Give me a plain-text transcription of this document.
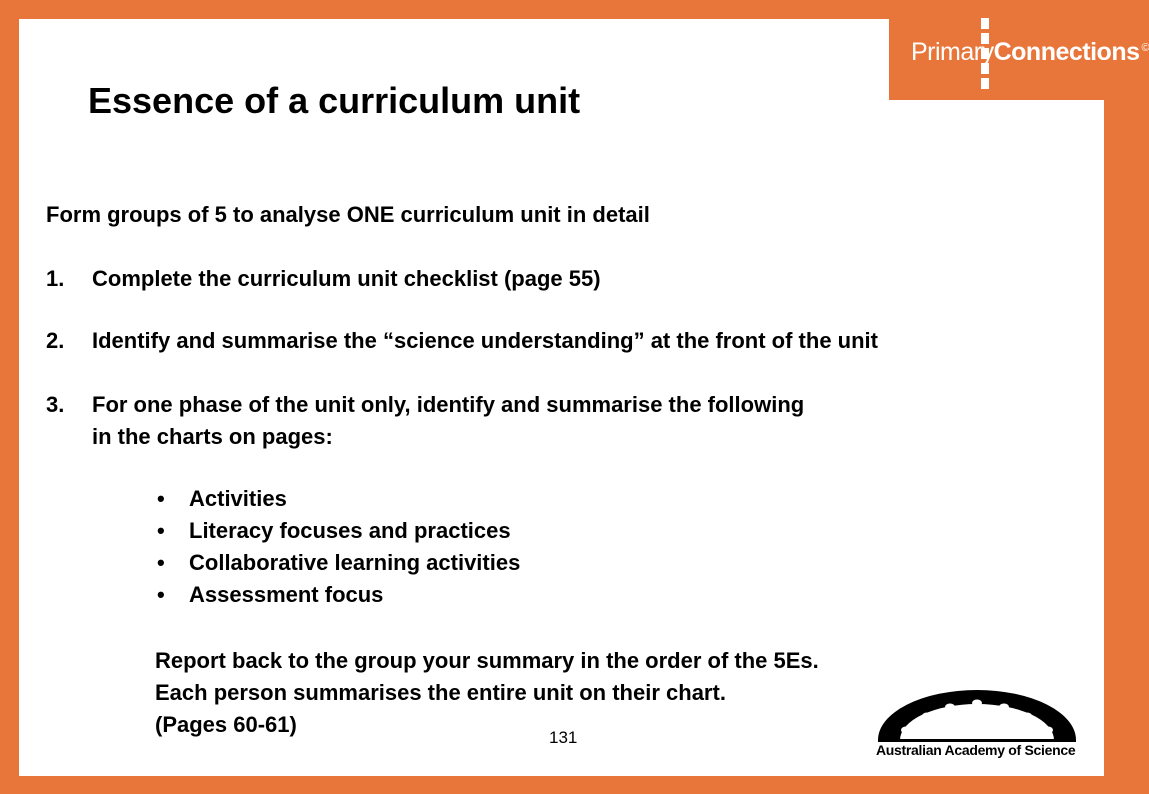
PrimaryConnections ©
Essence of a curriculum unit
Form groups of 5 to analyse ONE curriculum unit in detail
1. Complete the curriculum unit checklist (page 55)
2. Identify and summarise the “science understanding” at the front of the unit
3. For one phase of the unit only, identify and summarise the following
in the charts on pages:
• Activities
• Literacy focuses and practices
• Collaborative learning activities
• Assessment focus
Report back to the group your summary in the order of the 5Es.
Each person summarises the entire unit on their chart.
(Pages 60-61)
131
Australian Academy of Science
